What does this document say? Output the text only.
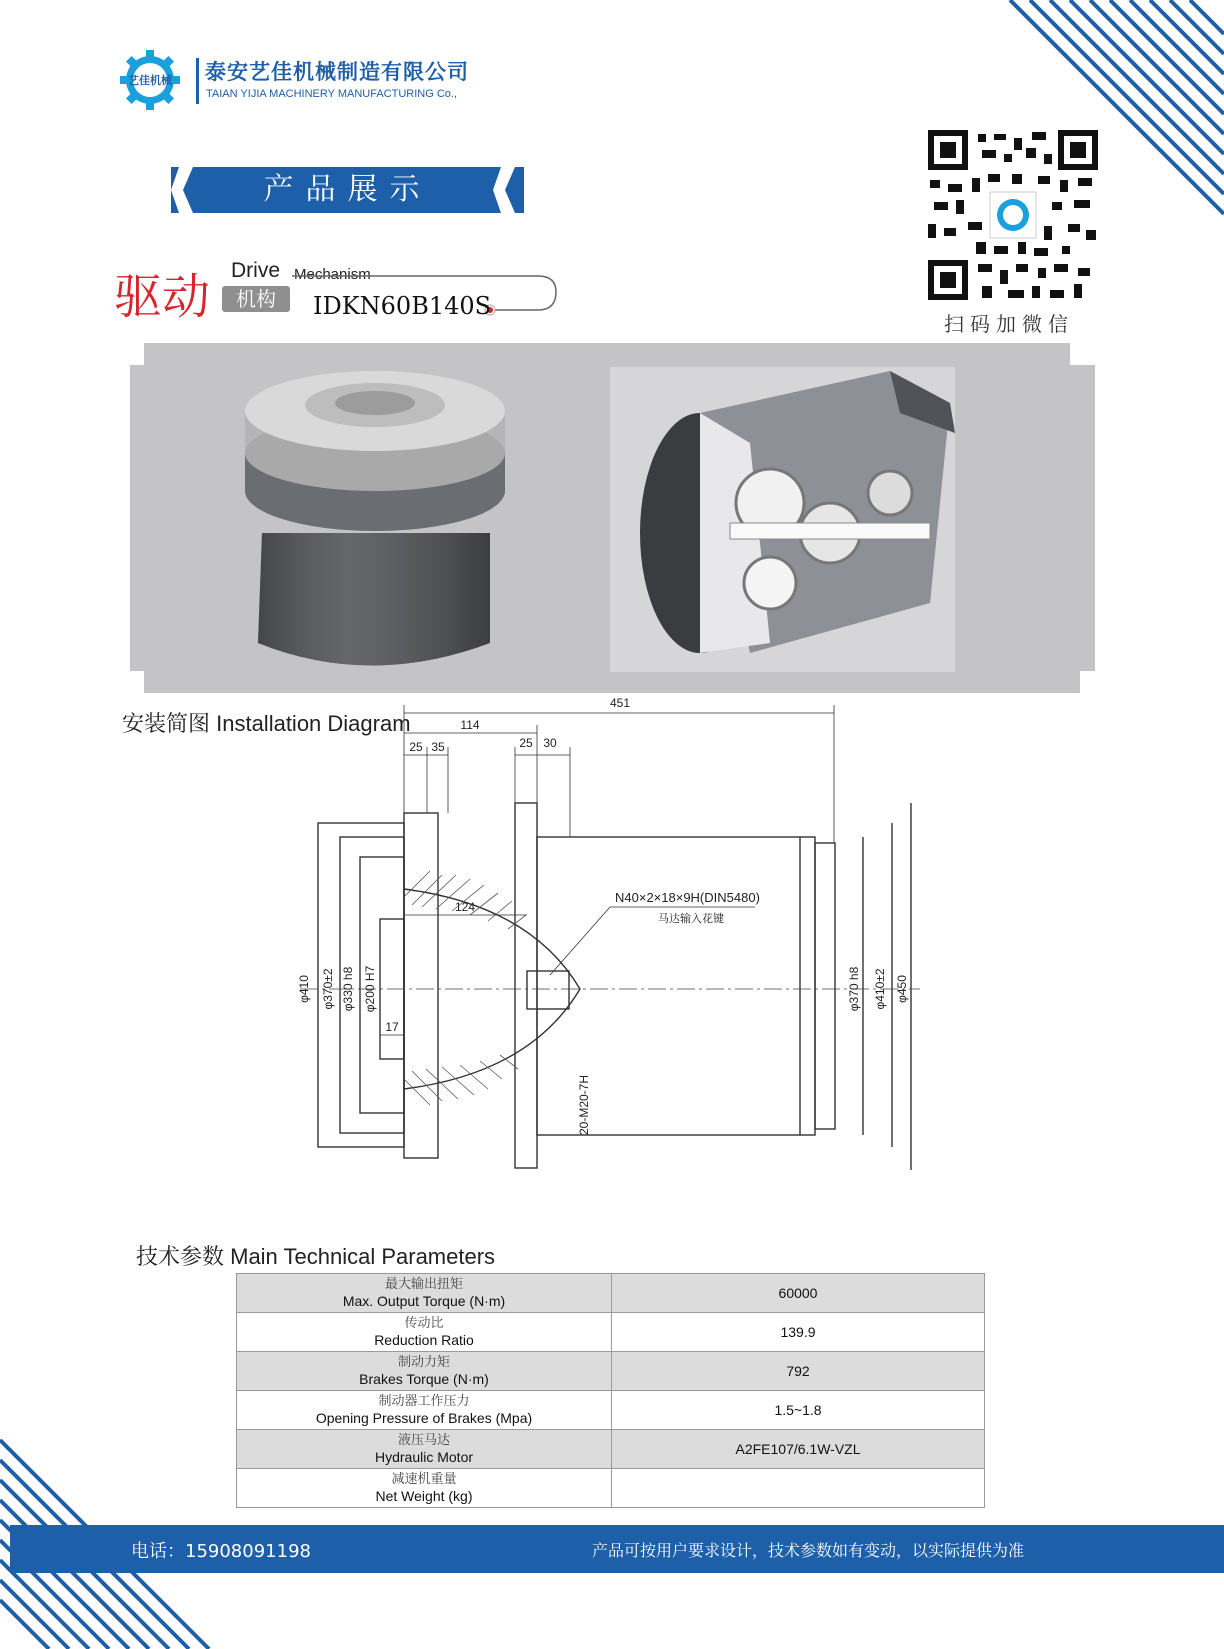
艺佳机械 泰安艺佳机械制造有限公司
TAIAN YIJIA MACHINERY MANUFACTURING Co.,
产品展示
驱动 Drive Mechanism
机构	IDKN60B140S
扫码加微信
安装简图 Installation Diagram
451
114
25 35	25 30
124
17
N40×2×18×9H(DIN5480)
马达输入花键
φ410 φ370±2 φ330 h8 φ200 H7	φ370 h8 φ410±2 φ450
20-M20-7H
技术参数 Main Technical Parameters
最大输出扭矩
Max. Output Torque (N·m)	60000

传动比
Reduction Ratio	139.9

制动力矩
Brakes Torque (N·m)	792

制动器工作压力
Opening Pressure of Brakes (Mpa)	1.5~1.8

液压马达
Hydraulic Motor	A2FE107/6.1W-VZL

减速机重量
Net Weight (kg)	

电话：15908091198	产品可按用户要求设计，技术参数如有变动，以实际提供为准
